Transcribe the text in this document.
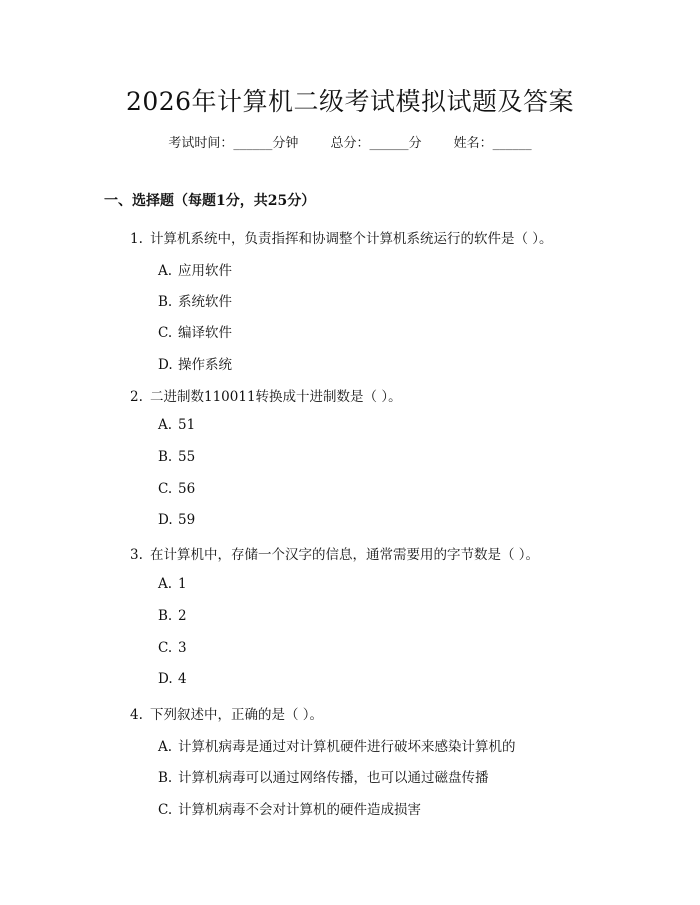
2026年计算机二级考试模拟试题及答案
考试时间：______分钟 总分：______分 姓名：______
一、选择题（每题1分，共25分）
1. 计算机系统中，负责指挥和协调整个计算机系统运行的软件是（ ）。
A. 应用软件
B. 系统软件
C. 编译软件
D. 操作系统
2. 二进制数110011转换成十进制数是（ ）。
A. 51
B. 55
C. 56
D. 59
3. 在计算机中，存储一个汉字的信息，通常需要用的字节数是（ ）。
A. 1
B. 2
C. 3
D. 4
4. 下列叙述中，正确的是（ ）。
A. 计算机病毒是通过对计算机硬件进行破坏来感染计算机的
B. 计算机病毒可以通过网络传播，也可以通过磁盘传播
C. 计算机病毒不会对计算机的硬件造成损害
